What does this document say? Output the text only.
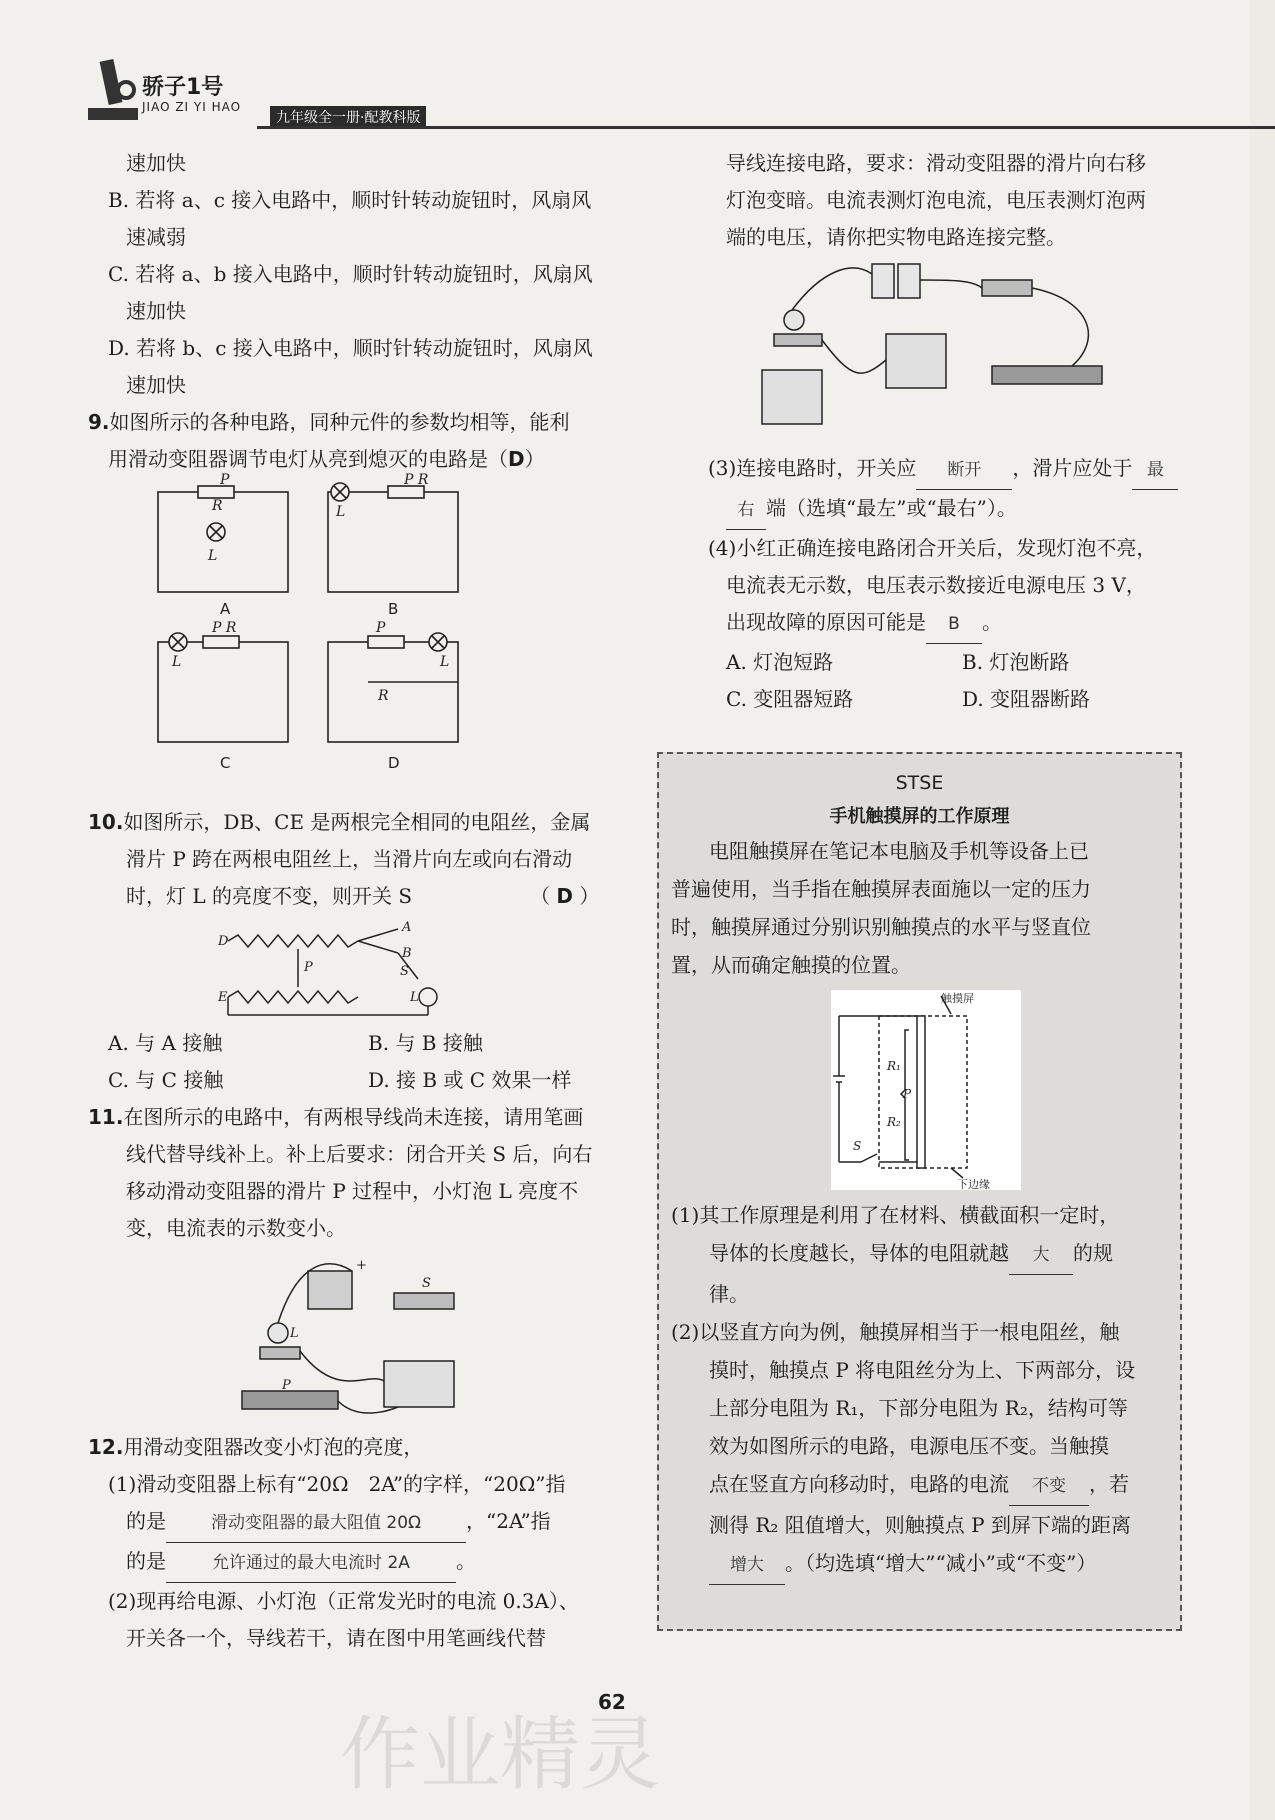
骄子1号
JIAO ZI YI HAO
九年级全一册·配教科版

速加快

B. 若将 a、c 接入电路中，顺时针转动旋钮时，风扇风

速减弱

C. 若将 a、b 接入电路中，顺时针转动旋钮时，风扇风

速加快

D. 若将 b、c 接入电路中，顺时针转动旋钮时，风扇风

速加快

9.如图所示的各种电路，同种元件的参数均相等，能利

用滑动变阻器调节电灯从亮到熄灭的电路是（D）

L
P
R	L
P R
L
P R
L
P
R
A	B
C	D

10.如图所示，DB、CE 是两根完全相同的电阻丝，金属

滑片 P 跨在两根电阻丝上，当滑片向左或向右滑动

时，灯 L 的亮度不变，则开关 S	（ D ）

D
E
P
A
B
S
L

A. 与 A 接触	B. 与 B 接触

C. 与 C 接触	D. 接 B 或 C 效果一样

11.在图所示的电路中，有两根导线尚未连接，请用笔画

线代替导线补上。补上后要求：闭合开关 S 后，向右

移动滑动变阻器的滑片 P 过程中，小灯泡 L 亮度不

变，电流表的示数变小。

L
P
S
+

12.用滑动变阻器改变小灯泡的亮度，

(1)滑动变阻器上标有“20Ω　2A”的字样，“20Ω”指

的是	滑动变阻器的最大阻值 20Ω ，“2A”指

的是	允许通过的最大电流时 2A 。

(2)现再给电源、小灯泡（正常发光时的电流 0.3A）、

开关各一个，导线若干，请在图中用笔画线代替

导线连接电路，要求：滑动变阻器的滑片向右移

灯泡变暗。电流表测灯泡电流，电压表测灯泡两

端的电压，请你把实物电路连接完整。

(3)连接电路时，开关应 断开 ，滑片应处于 最

右 端（选填“最左”或“最右”）。

(4)小红正确连接电路闭合开关后，发现灯泡不亮，

电流表无示数，电压表示数接近电源电压 3 V，

出现故障的原因可能是 B 。

A. 灯泡短路	B. 灯泡断路

C. 变阻器短路	D. 变阻器断路

STSE
手机触摸屏的工作原理

电阻触摸屏在笔记本电脑及手机等设备上已

普遍使用，当手指在触摸屏表面施以一定的压力

时，触摸屏通过分别识别触摸点的水平与竖直位

置，从而确定触摸的位置。

R₁
R₂
P
S
触摸屏
下边缘

(1)其工作原理是利用了在材料、横截面积一定时，

导体的长度越长，导体的电阻就越 大 的规

律。

(2)以竖直方向为例，触摸屏相当于一根电阻丝，触

摸时，触摸点 P 将电阻丝分为上、下两部分，设

上部分电阻为 R₁，下部分电阻为 R₂，结构可等

效为如图所示的电路，电源电压不变。当触摸

点在竖直方向移动时，电路的电流 不变 ，若

测得 R₂ 阻值增大，则触摸点 P 到屏下端的距离

增大 。（均选填“增大”“减小”或“不变”）

62
作业精灵
